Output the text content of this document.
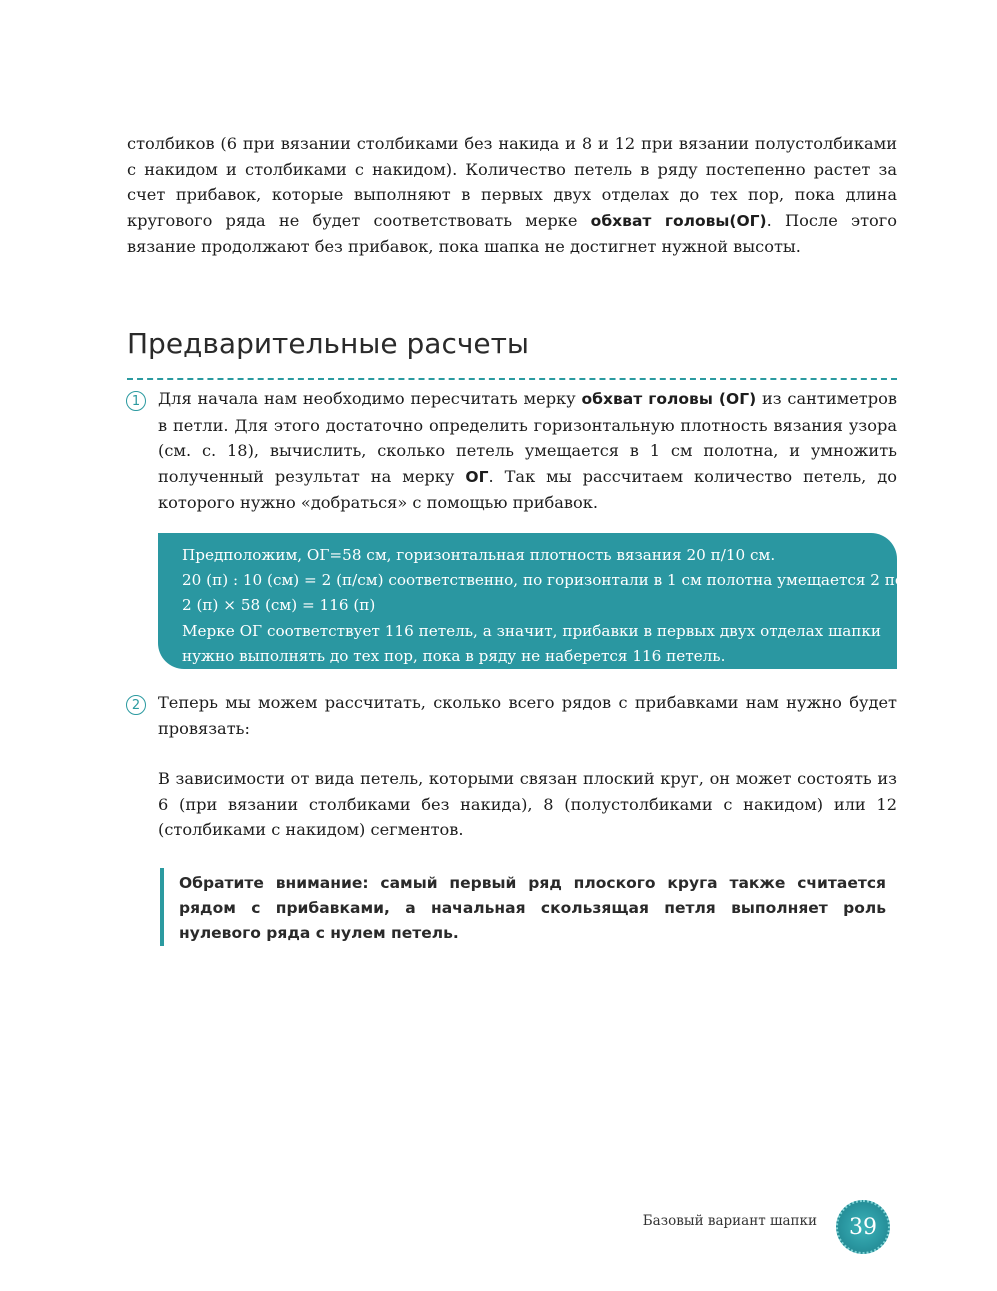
столбиков (6 при вязании столбиками без накида и 8 и 12 при вязании полустолбиками с накидом и столбиками с накидом). Количество петель в ряду постепенно растет за счет прибавок, которые выполняют в первых двух отделах до тех пор, пока длина кругового ряда не будет соответствовать мерке обхват головы(ОГ). После этого вязание продолжают без прибавок, пока шапка не достигнет нужной высоты.
Предварительные расчеты
1	Для начала нам необходимо пересчитать мерку обхват головы (ОГ) из сантиметров в петли. Для этого достаточно определить горизонтальную плотность вязания узора (см. с. 18), вычислить, сколько петель умещается в 1 см полотна, и умножить полученный результат на мерку ОГ. Так мы рассчитаем количество петель, до которого нужно «добраться» с помощью прибавок.
Предположим, ОГ=58 см, горизонтальная плотность вязания 20 п/10 см.
20 (п) : 10 (см) = 2 (п/см) соответственно, по горизонтали в 1 см полотна умещается 2 петли
2 (п) × 58 (см) = 116 (п)
Мерке ОГ соответствует 116 петель, а значит, прибавки в первых двух отделах шапки нужно выполнять до тех пор, пока в ряду не наберется 116 петель.
2	Теперь мы можем рассчитать, сколько всего рядов с прибавками нам нужно будет провязать:
В зависимости от вида петель, которыми связан плоский круг, он может состоять из 6 (при вязании столбиками без накида), 8 (полустолбиками с накидом) или 12 (столбиками с накидом) сегментов.
Обратите внимание: самый первый ряд плоского круга также считается рядом с прибавками, а начальная скользящая петля выполняет роль нулевого ряда с нулем петель.
Базовый вариант шапки	39
